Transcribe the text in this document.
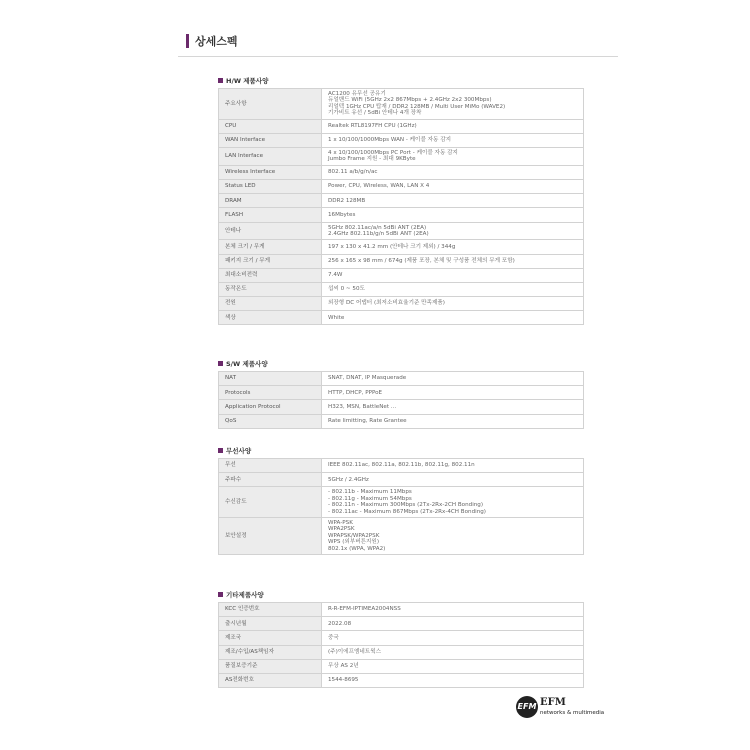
상세스펙
H/W 제품사양
주요사항	AC1200 유무선 공유기
듀얼밴드 WiFi (5GHz 2x2 867Mbps + 2.4GHz 2x2 300Mbps)
리얼텍 1GHz CPU 탑재 / DDR2 128MB / Multi User MiMo (WAVE2)
기가비트 유선 / 5dBi 안테나 4개 장착

CPU	Realtek RTL8197FH CPU (1GHz)

WAN Interface	1 x 10/100/1000Mbps WAN - 케이블 자동 감지

LAN Interface	4 x 10/100/1000Mbps PC Port - 케이블 자동 감지
Jumbo Frame 지원 - 최대 9KByte

Wireless Interface	802.11 a/b/g/n/ac

Status LED	Power, CPU, Wireless, WAN, LAN X 4

DRAM	DDR2 128MB

FLASH	16Mbytes

안테나	5GHz 802.11ac/a/n 5dBi ANT (2EA)
2.4GHz 802.11b/g/n 5dBi ANT (2EA)

본체 크기 / 무게	197 x 130 x 41.2 mm (안테나 크기 제외) / 344g

패키지 크기 / 무게	256 x 165 x 98 mm / 674g (제품 포장, 본체 및 구성품 전체의 무게 포함)

최대소비전력	7.4W

동작온도	섭씨 0 ~ 50도

전원	외장형 DC 어댑터 (최저소비효율기준 만족제품)

색상	White
S/W 제품사양
NAT	SNAT, DNAT, IP Masquerade

Protocols	HTTP, DHCP, PPPoE

Application Protocol	H323, MSN, BattleNet ...

QoS	Rate limitting, Rate Grantee
무선사양
무선	IEEE 802.11ac, 802.11a, 802.11b, 802.11g, 802.11n

주파수	5GHz / 2.4GHz

수신감도	- 802.11b - Maximum 11Mbps
- 802.11g - Maximum 54Mbps
- 802.11n - Maximum 300Mbps (2Tx-2Rx-2CH Bonding)
- 802.11ac - Maximum 867Mbps (2Tx-2Rx-4CH Bonding)

보안설정	WPA-PSK
WPA2PSK
WPAPSK/WPA2PSK
WPS (외부버튼지원)
802.1x (WPA, WPA2)
기타제품사양
KCC 인증번호	R-R-EFM-IPTIMEA2004NSS

출시년월	2022.08

제조국	중국

제조/수입/AS책임자	(주)이에프엠네트웍스

품질보증기준	무상 AS 2년

AS전화번호	1544-8695
EFM EFM
networks & multimedia
